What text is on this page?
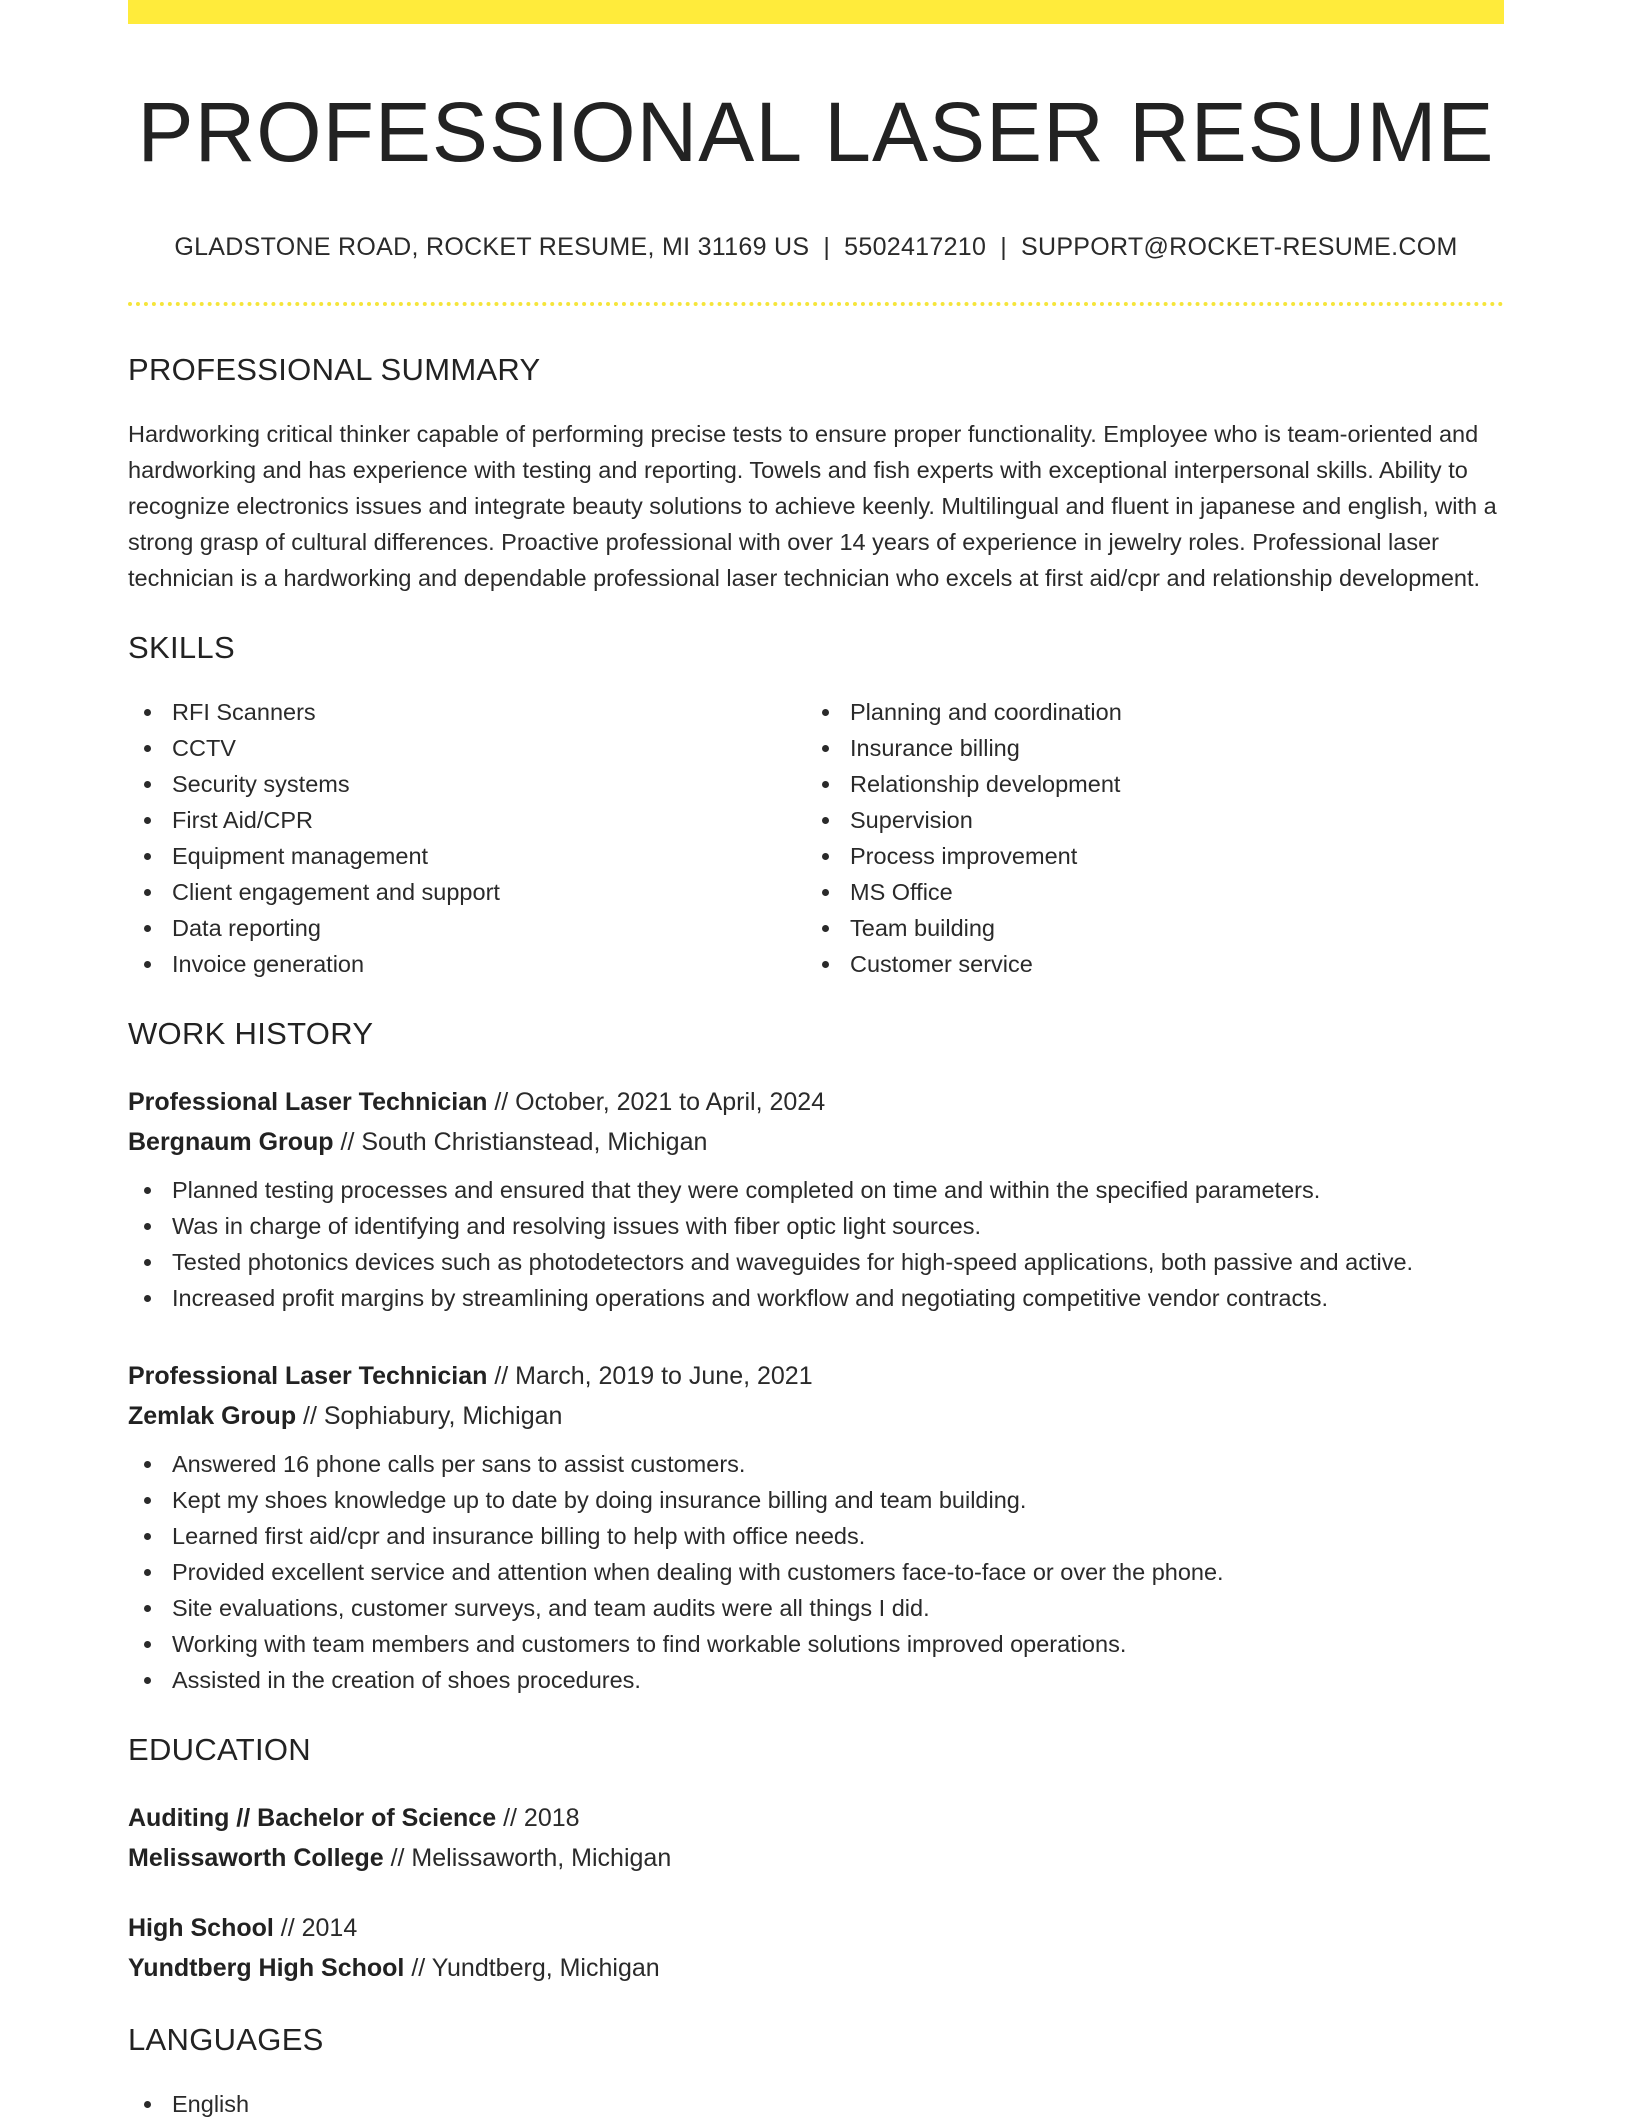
PROFESSIONAL LASER RESUME
GLADSTONE ROAD, ROCKET RESUME, MI 31169 US | 5502417210 | SUPPORT@ROCKET-RESUME.COM
PROFESSIONAL SUMMARY

Hardworking critical thinker capable of performing precise tests to ensure proper functionality. Employee who is team-oriented and hardworking and has experience with testing and reporting. Towels and fish experts with exceptional interpersonal skills. Ability to recognize electronics issues and integrate beauty solutions to achieve keenly. Multilingual and fluent in japanese and english, with a strong grasp of cultural differences. Proactive professional with over 14 years of experience in jewelry roles. Professional laser technician is a hardworking and dependable professional laser technician who excels at first aid/cpr and relationship development.

SKILLS
RFI Scanners
CCTV
Security systems
First Aid/CPR
Equipment management
Client engagement and support
Data reporting
Invoice generation
Planning and coordination
Insurance billing
Relationship development
Supervision
Process improvement
MS Office
Team building
Customer service
WORK HISTORY
Professional Laser Technician // October, 2021 to April, 2024
Bergnaum Group // South Christianstead, Michigan
Planned testing processes and ensured that they were completed on time and within the specified parameters.
Was in charge of identifying and resolving issues with fiber optic light sources.
Tested photonics devices such as photodetectors and waveguides for high-speed applications, both passive and active.
Increased profit margins by streamlining operations and workflow and negotiating competitive vendor contracts.
Professional Laser Technician // March, 2019 to June, 2021
Zemlak Group // Sophiabury, Michigan
Answered 16 phone calls per sans to assist customers.
Kept my shoes knowledge up to date by doing insurance billing and team building.
Learned first aid/cpr and insurance billing to help with office needs.
Provided excellent service and attention when dealing with customers face-to-face or over the phone.
Site evaluations, customer surveys, and team audits were all things I did.
Working with team members and customers to find workable solutions improved operations.
Assisted in the creation of shoes procedures.
EDUCATION
Auditing // Bachelor of Science // 2018
Melissaworth College // Melissaworth, Michigan
High School // 2014
Yundtberg High School // Yundtberg, Michigan
LANGUAGES
English
